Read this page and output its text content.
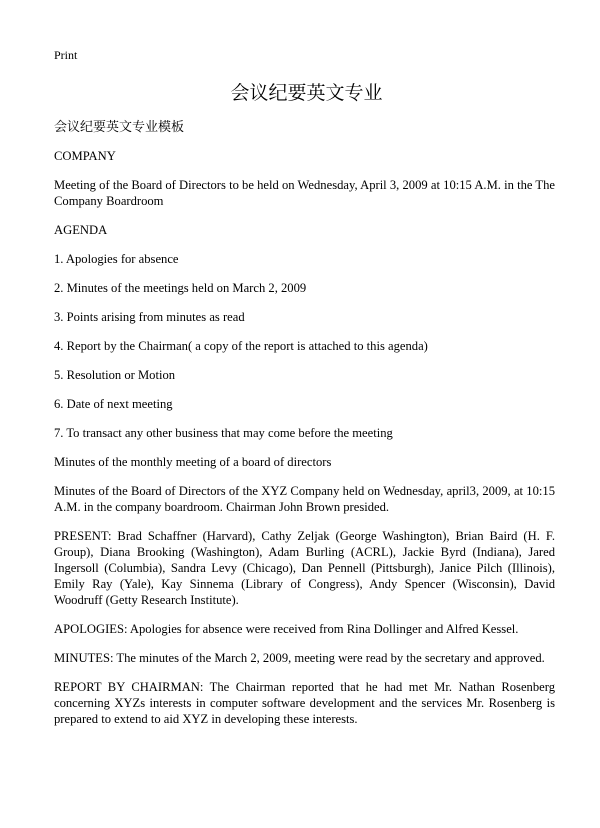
Print
会议纪要英文专业
会议纪要英文专业模板

COMPANY

Meeting of the Board of Directors to be held on Wednesday, April 3, 2009 at 10:15 A.M. in the The Company Boardroom

AGENDA

1. Apologies for absence

2. Minutes of the meetings held on March 2, 2009

3. Points arising from minutes as read

4. Report by the Chairman( a copy of the report is attached to this agenda)

5. Resolution or Motion

6. Date of next meeting

7. To transact any other business that may come before the meeting

Minutes of the monthly meeting of a board of directors

Minutes of the Board of Directors of the XYZ Company held on Wednesday, april3, 2009, at 10:15 A.M. in the company boardroom. Chairman John Brown presided.

PRESENT: Brad Schaffner (Harvard), Cathy Zeljak (George Washington), Brian Baird (H. F. Group), Diana Brooking (Washington), Adam Burling (ACRL), Jackie Byrd (Indiana), Jared Ingersoll (Columbia), Sandra Levy (Chicago), Dan Pennell (Pittsburgh), Janice Pilch (Illinois), Emily Ray (Yale), Kay Sinnema (Library of Congress), Andy Spencer (Wisconsin), David Woodruff (Getty Research Institute).

APOLOGIES: Apologies for absence were received from Rina Dollinger and Alfred Kessel.

MINUTES: The minutes of the March 2, 2009, meeting were read by the secretary and approved.

REPORT BY CHAIRMAN: The Chairman reported that he had met Mr. Nathan Rosenberg concerning XYZs interests in computer software development and the services Mr. Rosenberg is prepared to extend to aid XYZ in developing these interests.
